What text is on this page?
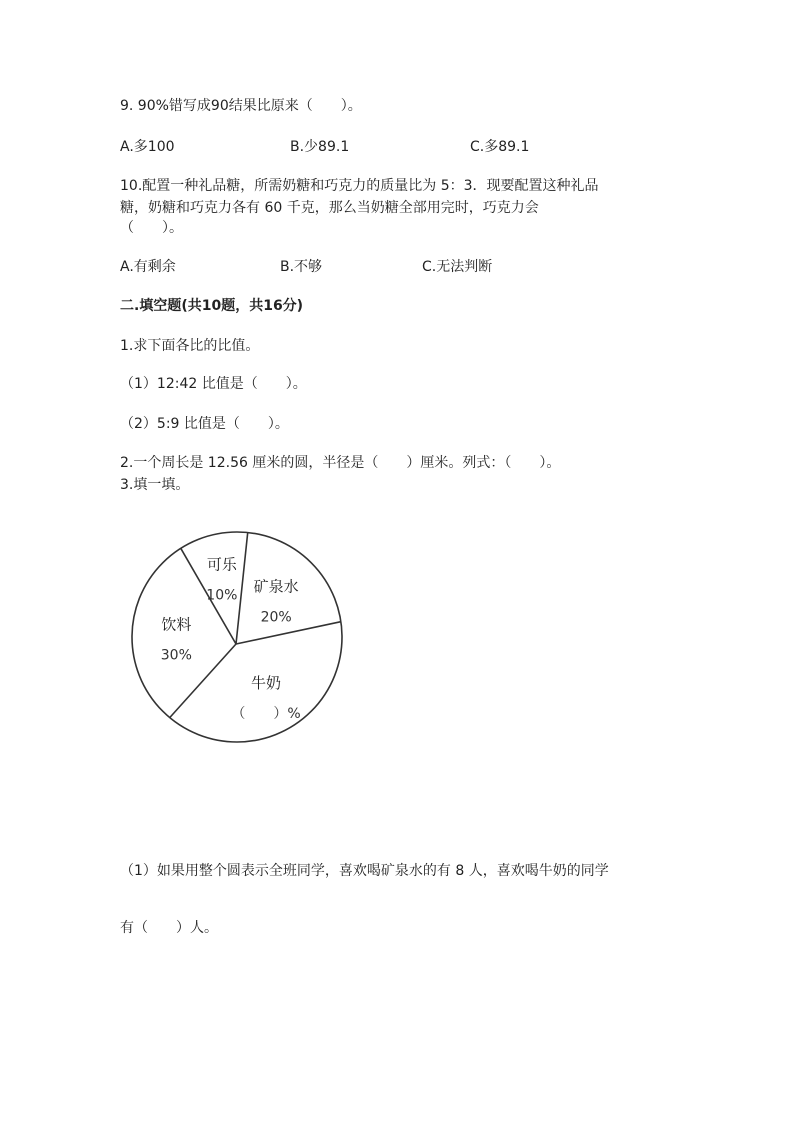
9. 90%错写成90结果比原来（　　）。
A.多100	B.少89.1	C.多89.1
10.配置一种礼品糖，所需奶糖和巧克力的质量比为 5：3．现要配置这种礼品
糖，奶糖和巧克力各有 60 千克，那么当奶糖全部用完时，巧克力会
（　　）。
A.有剩余	B.不够	C.无法判断
二.填空题(共10题，共16分)
1.求下面各比的比值。
（1）12:42 比值是（　　）。
（2）5:9 比值是（　　）。
2.一个周长是 12.56 厘米的圆，半径是（　　）厘米。列式：（　　）。
3.填一填。
可乐
10%
矿泉水
20%
牛奶
（　　）%
饮料
30%
（1）如果用整个圆表示全班同学，喜欢喝矿泉水的有 8 人，喜欢喝牛奶的同学
有（　　）人。
